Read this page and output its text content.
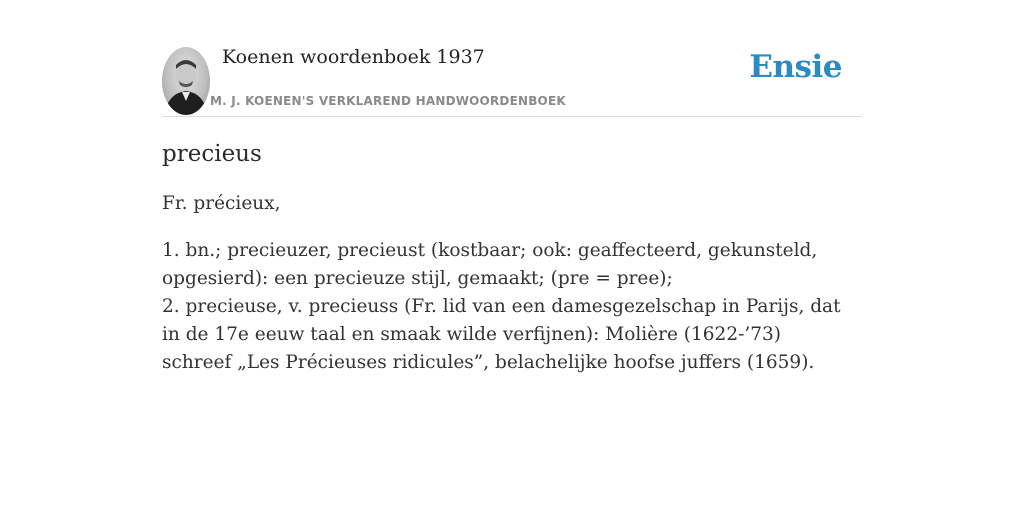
Koenen woordenboek 1937
M. J. KOENEN'S VERKLAREND HANDWOORDENBOEK
Ensie
precieus

Fr. précieux,

1. bn.; precieuzer, precieust (kostbaar; ook: geaffecteerd, gekunsteld, opgesierd): een precieuze stijl, gemaakt; (pre = pree);
2. precieuse, v. precieuss (Fr. lid van een damesgezelschap in Parijs, dat in de 17e eeuw taal en smaak wilde verfijnen): Molière (1622-’73) schreef „Les Précieuses ridicules”, belachelijke hoofse juffers (1659).
